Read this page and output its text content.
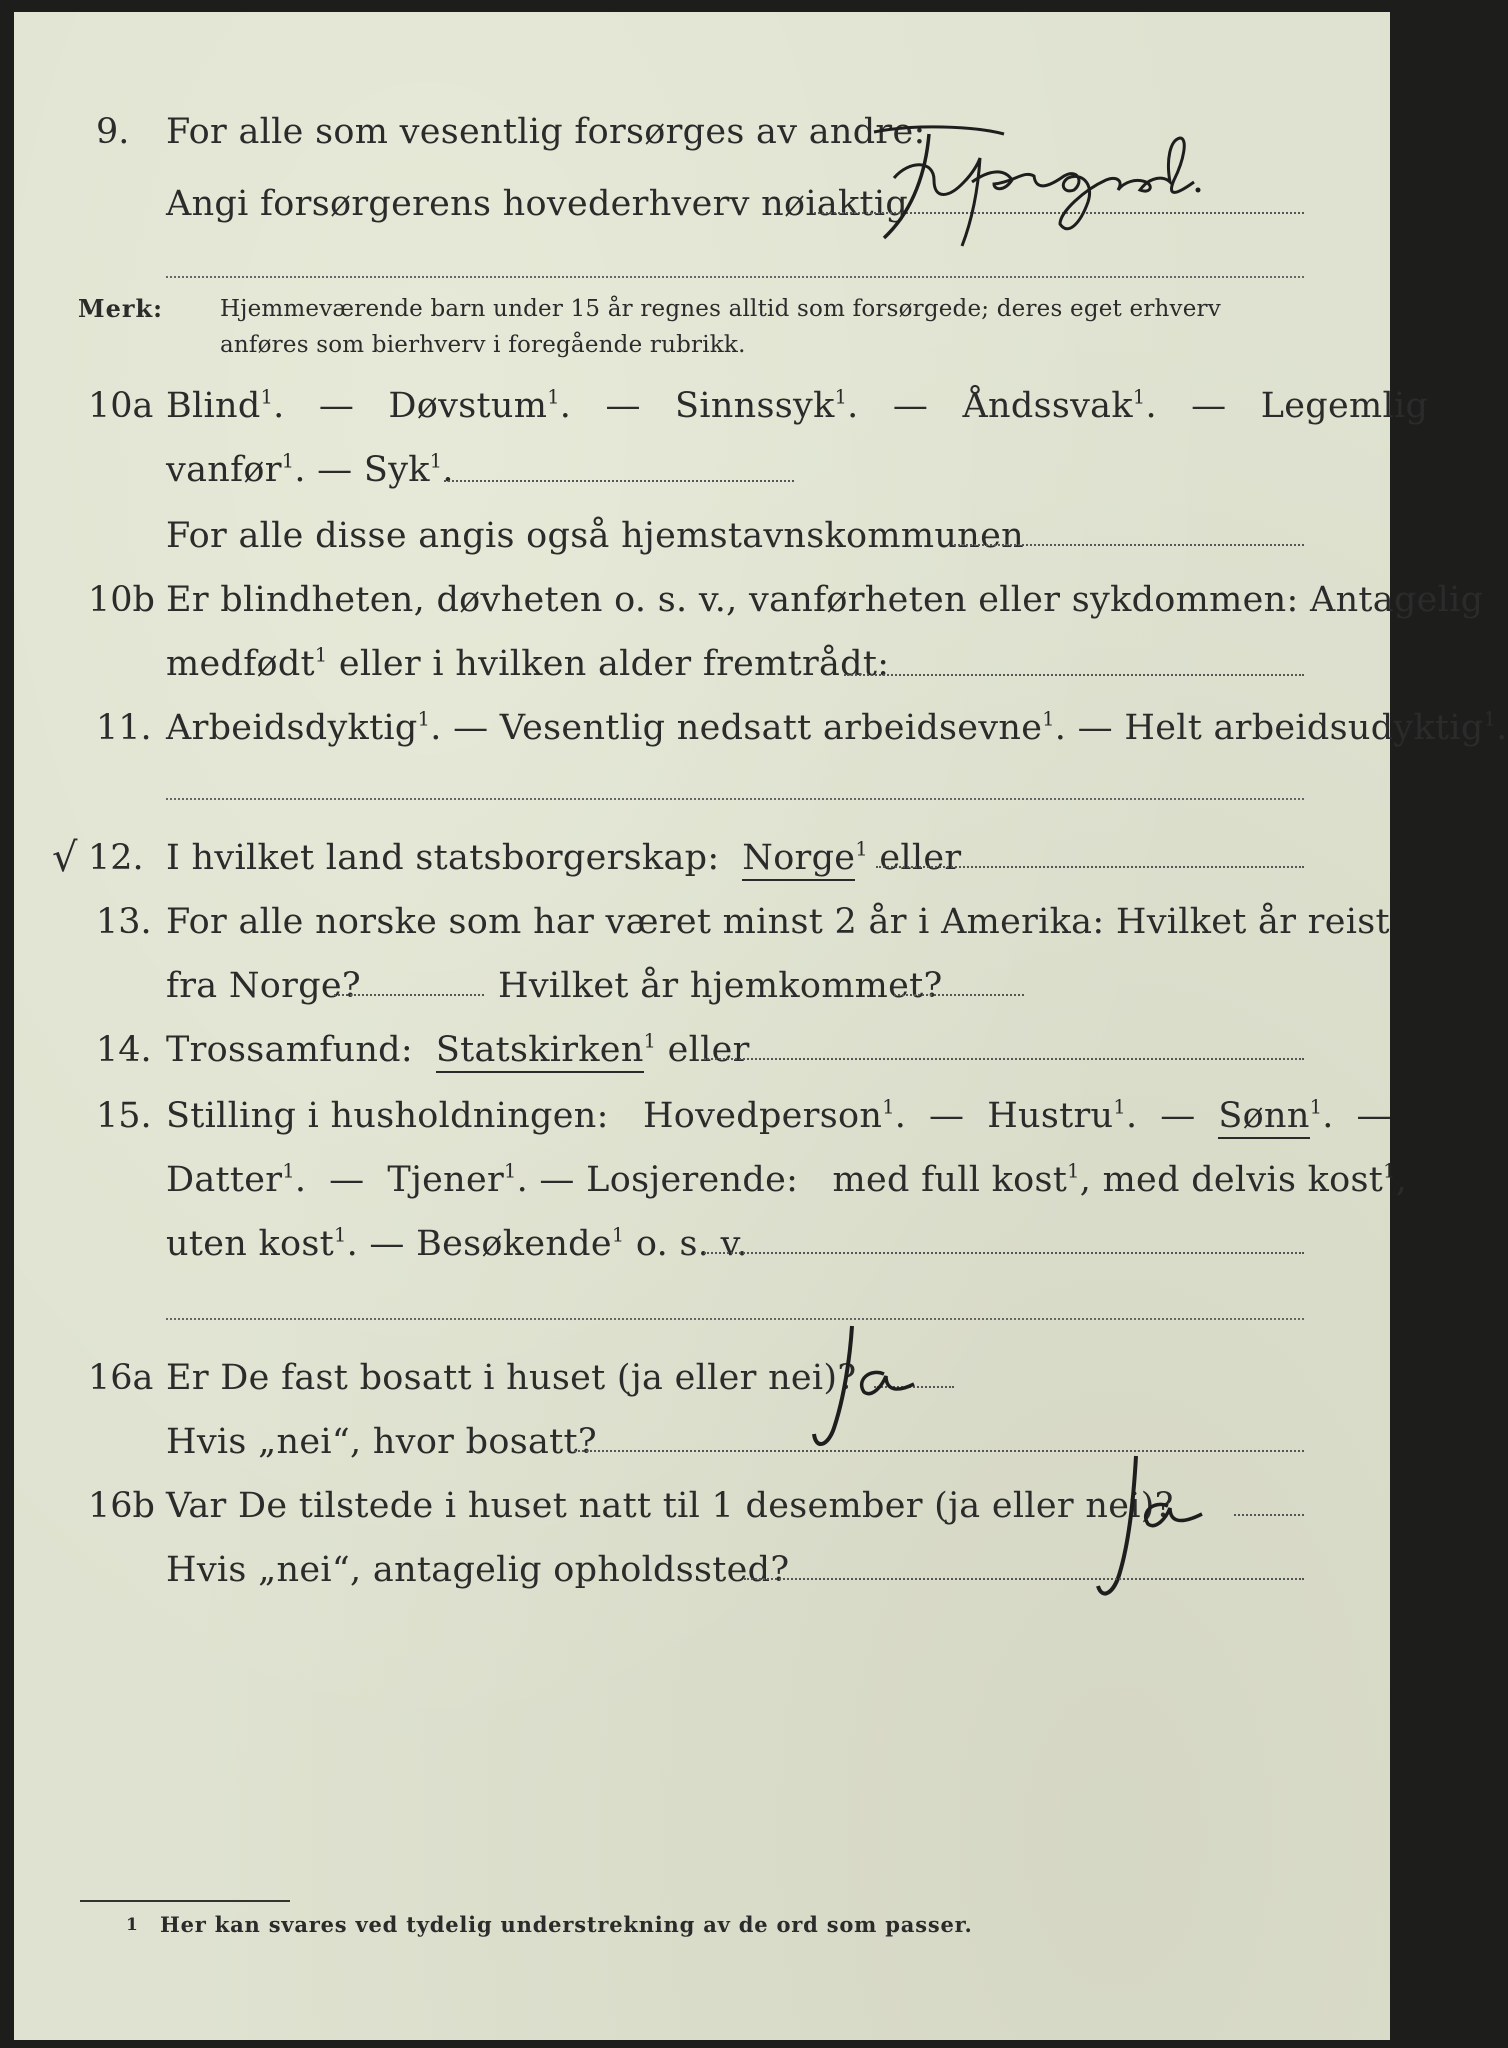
9. For alle som vesentlig forsørges av andre:
Angi forsørgerens hovederhverv nøiaktig
Merk: Hjemmeværende barn under 15 år regnes alltid som forsørgede; deres eget erhverv
anføres som bierhverv i foregående rubrikk.
10a Blind$^1$.   — Døvstum$^1$.   — Sinnssyk$^1$.   — Åndssvak$^1$.   — Legemlig
vanfør$^1$. — Syk$^1$.
For alle disse angis også hjemstavnskommunen
10b Er blindheten, døvheten o. s. v., vanførheten eller sykdommen: Antagelig
medfødt$^1$ eller i hvilken alder fremtrådt:
11. Arbeidsdyktig$^1$. — Vesentlig nedsatt arbeidsevne$^1$. — Helt arbeidsudyktig$^1$.
√ 12. I hvilket land statsborgerskap: Norge$^1$ eller
13. For alle norske som har været minst 2 år i Amerika: Hvilket år reist
fra Norge?	Hvilket år hjemkommet?
14. Trossamfund: Statskirken$^1$ eller
15. Stilling i husholdningen: Hovedperson$^1$.  —  Hustru$^1$.  —  Sønn$^1$.  —
Datter$^1$.  —  Tjener$^1$. — Losjerende: med full kost$^1$, med delvis kost$^1$,
uten kost$^1$. — Besøkende$^1$ o. s. v.
16a Er De fast bosatt i huset (ja eller nei)?
Hvis „nei“, hvor bosatt?
16b Var De tilstede i huset natt til 1 desember (ja eller nei)?
Hvis „nei“, antagelig opholdssted?
1 Her kan svares ved tydelig understrekning av de ord som passer.
